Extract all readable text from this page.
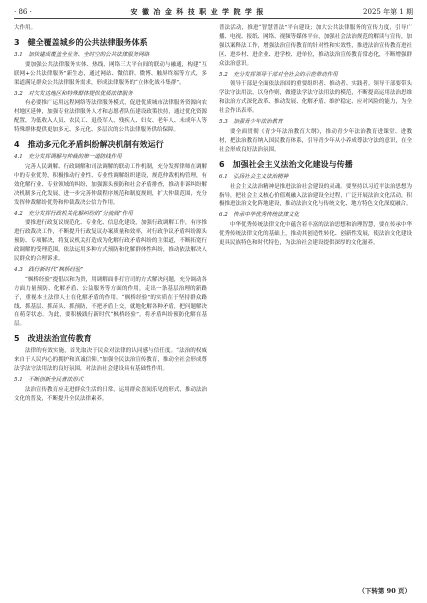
· 86 ·	安 徽 冶 金 科 技 职 业 学 院 学 报	2025 年第 1 期

大作用。

3　健全覆盖城乡的公共法律服务体系
3.1　加快建成覆盖全业务、全时空的公共法律服务网络

要加强公共法律服务实体、热线、网络三大平台间的联动与融通，构建“互联网+公共法律服务”新生态，通过网站、微信群、微博、触屏终端等方式，多渠道满足群众公共法律服务需求，形成法律服务的“立体化战斗集群”。

3.2　对欠发达地区和特殊群体提供优质法律服务

有必要推广运用远程网络等法律服务模式，促进优质城市法律服务资源向农村地区延伸，加强专业法律服务人才和志愿者队伍建设政策扶持，通过优化资源配置，为低收入人员、农民工、退役军人、残疾人、妇女、老年人、未成年人等特殊群体提供更加多元、多元化、多层次的公共法律服务供给保障。

4　推动多元化矛盾纠纷解决机制有效运行
4.1　充分发挥调解与仲裁的第一道防线作用

完善人民调解、行政调解和司法调解的联动工作机制，充分发挥律师在调解中的专业优势，积极推动行业性、专业性调解组织建设，规范仲裁机构管理，有效化解行业、专业领域的纠纷，加强源头预防和社会矛盾排查，推动非诉纠纷解决机制多元化发展，进一步完善仲裁程序规范和制度规则，扩大仲裁范围，充分发挥仲裁解纷优势和仲裁裁决公信力作用。

4.2　充分发挥行政机关化解纠纷的“分流阀”作用

要推进行政复议规范化、专业化、信息化建设，加强行政调解工作，有序推进行政裁决工作，不断提升行政复议办案质量和效率，对行政争议矛盾纠纷源头预防、专项解决，将复议机关打造成为化解行政矛盾纠纷的主渠道，不断拓宽行政调解的受理范围，依法运用多种方式预防和化解群体性纠纷，推动依法解决人民群众的合理诉求。

4.3　践行新时代“枫桥经验”

“枫桥经验”提倡以和为贵，用调解面非打官司的方式解决问题，充分调动各方面力量预防、化解矛盾、公益服务等方面的作用，走出一条基层治理的新路子，重视本土法律人士在化解矛盾的作用。“枫桥经验”的实质在于坚持群众路线、抓基层、抓苗头、抓预防，不把矛盾上交，就地化解各种矛盾，把问题解决在萌芽状态。为此，要积极践行新时代“枫桥经验”，将矛盾纠纷预防化解在基层。

5　改进法治宣传教育

法律的有效实施，首先取决于民众对法律的认同感与信任度。“法治的权威来自于人民内心的拥护和真诚信仰。”加强全民法治宣传教育，推动全社会形成尊法学法守法用法的良好氛围，对法治社会建设具有基础性作用。

5.1　不断创新全民普法形式

法治宣传教育应走进群众生活的日常，运用群众喜闻乐见的形式，推动法治文化的普及，不断提升全民法律素养。

普法活动，推进“智慧普法”平台建设；加大公共法律服务的宣传力度，引导广播、电视、报纸、网络、视频等媒体平台，加强社会法治规范的解读与宣传，加强以案释法工作，增强法治宣传教育的针对性和实效性，推进法治宣传教育进社区、进乡村、进企业、进学校、进单位，推动法治宣传教育常态化，不断增强群众法治意识。

5.2　充分发挥领导干部对全社会的示范带动作用

领导干部是全面依法治国的重要组织者、推动者、实践者。领导干部要带头学法守法用法，以身作则，做遵法学法守法用法的模范，不断提高运用法治思维和法治方式深化改革、推动发展、化解矛盾、维护稳定、应对风险的能力，为全社会作出表率。

5.3　加强青少年法治教育

要全面贯彻《青少年法治教育大纲》，推动青少年法治教育进课堂、进教材，把法治教育纳入国民教育体系，引导青少年从小养成尊法守法的意识，在全社会形成良好法治氛围。

6　加强社会主义法治文化建设与传播
6.1　弘扬社会主义法治精神

社会主义法治精神是推进法治社会建设的灵魂。要坚持以习近平法治思想为指导，把社会主义核心价值观融入法治建设全过程，广泛开展法治文化活动，积极推进法治文化阵地建设，推动法治文化与传统文化、地方特色文化深度融合。

6.2　传承中华优秀传统法律文化

中华优秀传统法律文化中蕴含着丰富的法治思想和治理智慧，要在传承中华优秀传统法律文化的基础上，推动其创造性转化、创新性发展，使法治文化建设更具民族特色和时代特色，为法治社会建设提供深厚的文化滋养。

（下转第 90 页）
